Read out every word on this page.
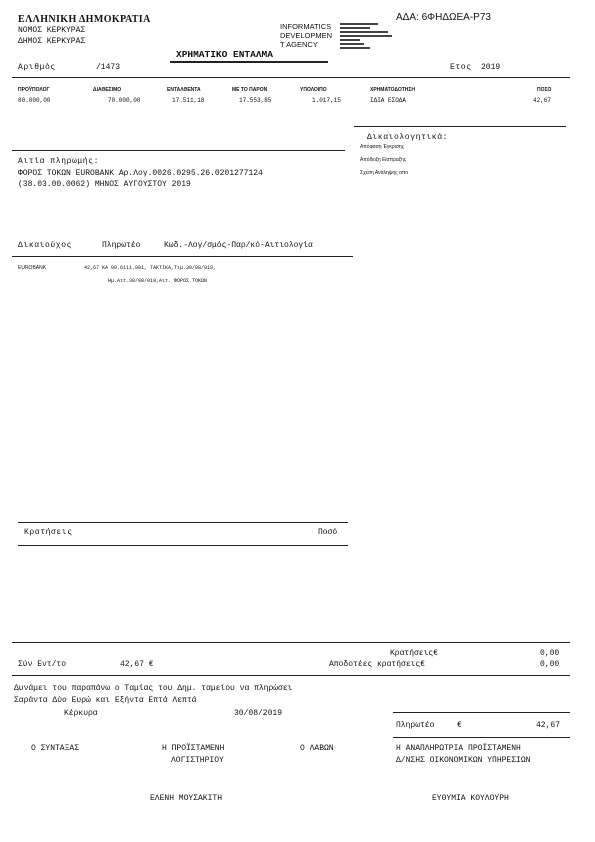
ΕΛΛΗΝΙΚΗ ΔΗΜΟΚΡΑΤΙΑ
ΝΟΜΟΣ ΚΕΡΚΥΡΑΣ
ΔΗΜΟΣ ΚΕΡΚΥΡΑΣ
INFORMATICS
DEVELOPMEN
T AGENCY
ΑΔΑ: 6ΦΗΔΩΕΑ-Ρ73
ΧΡΗΜΑΤΙΚΟ ΕΝΤΑΛΜΑ
Αριθμός	/1473	Ετος 2019
ΠΡΟΫΠΟΛΟΓ	ΔΙΑΘΕΣΙΜΟ	ΕΝΤΑΛΘΕΝΤΑ	ΜΕ ΤΟ ΠΑΡΟΝ	ΥΠΟΛΟΙΠΟ	ΧΡΗΜΑΤΟΔΟΤΗΣΗ	ΠΟΣΟ
80.000,00	70.000,00	17.511,18	17.553,85	1.017,15	ΙΔΙΑ ΕΣΟΔΑ	42,67
Δικαιολογητικά:
Απόφαση Έγκρισης
Απόδειξη Είσπραξης
Σχέση Ανάληψης απο
Αιτία πληρωμής:
ΦΟΡΟΣ ΤΟΚΩΝ EUROBANK Αρ.Λογ.0026.0295.26.0201277124
(38.03.00.0062) ΜΗΝΟΣ ΑΥΓΟΥΣΤΟΥ 2019
Δικαιούχος	Πληρωτέο	Κωδ.-Λογ/σμός-Παρ/κό-Αιτιολογία
EUROBANK	42,67 ΚΑ 00.6111.001, ΤΑΚΤΙΚΑ,Τιμ.30/08/019,
Ημ.Αιτ.30/08/019,Αιτ. ΦΟΡΟΣ ΤΟΚΩΝ
Κρατήσεις	Ποσό
Κρατήσεις€	0,00
Σύν Εντ/το	42,67 €	Αποδοτέες κρατήσεις€	0,00
Δυνάμει του παραπάνω ο Ταμίας του Δημ. ταμείου να πληρώσει
Σαράντα Δύο Ευρώ και Εξήντα Επτά Λεπτά
Κέρκυρα	30/08/2019
Πληρωτέο	€	42,67
Ο ΣΥΝΤΑΞΑΣ	Η ΠΡΟΪΣΤΑΜΕΝΗ
ΛΟΓΙΣΤΗΡΙΟΥ
Ο ΛΑΒΩΝ	Η ΑΝΑΠΛΗΡΩΤΡΙΑ ΠΡΟΪΣΤΑΜΕΝΗ
Δ/ΝΣΗΣ ΟΙΚΟΝΟΜΙΚΩΝ ΥΠΗΡΕΣΙΩΝ
ΕΛΕΝΗ ΜΟΥΣΑΚΙΤΗ	ΕΥΘΥΜΙΑ ΚΟΥΛΟΥΡΗ
